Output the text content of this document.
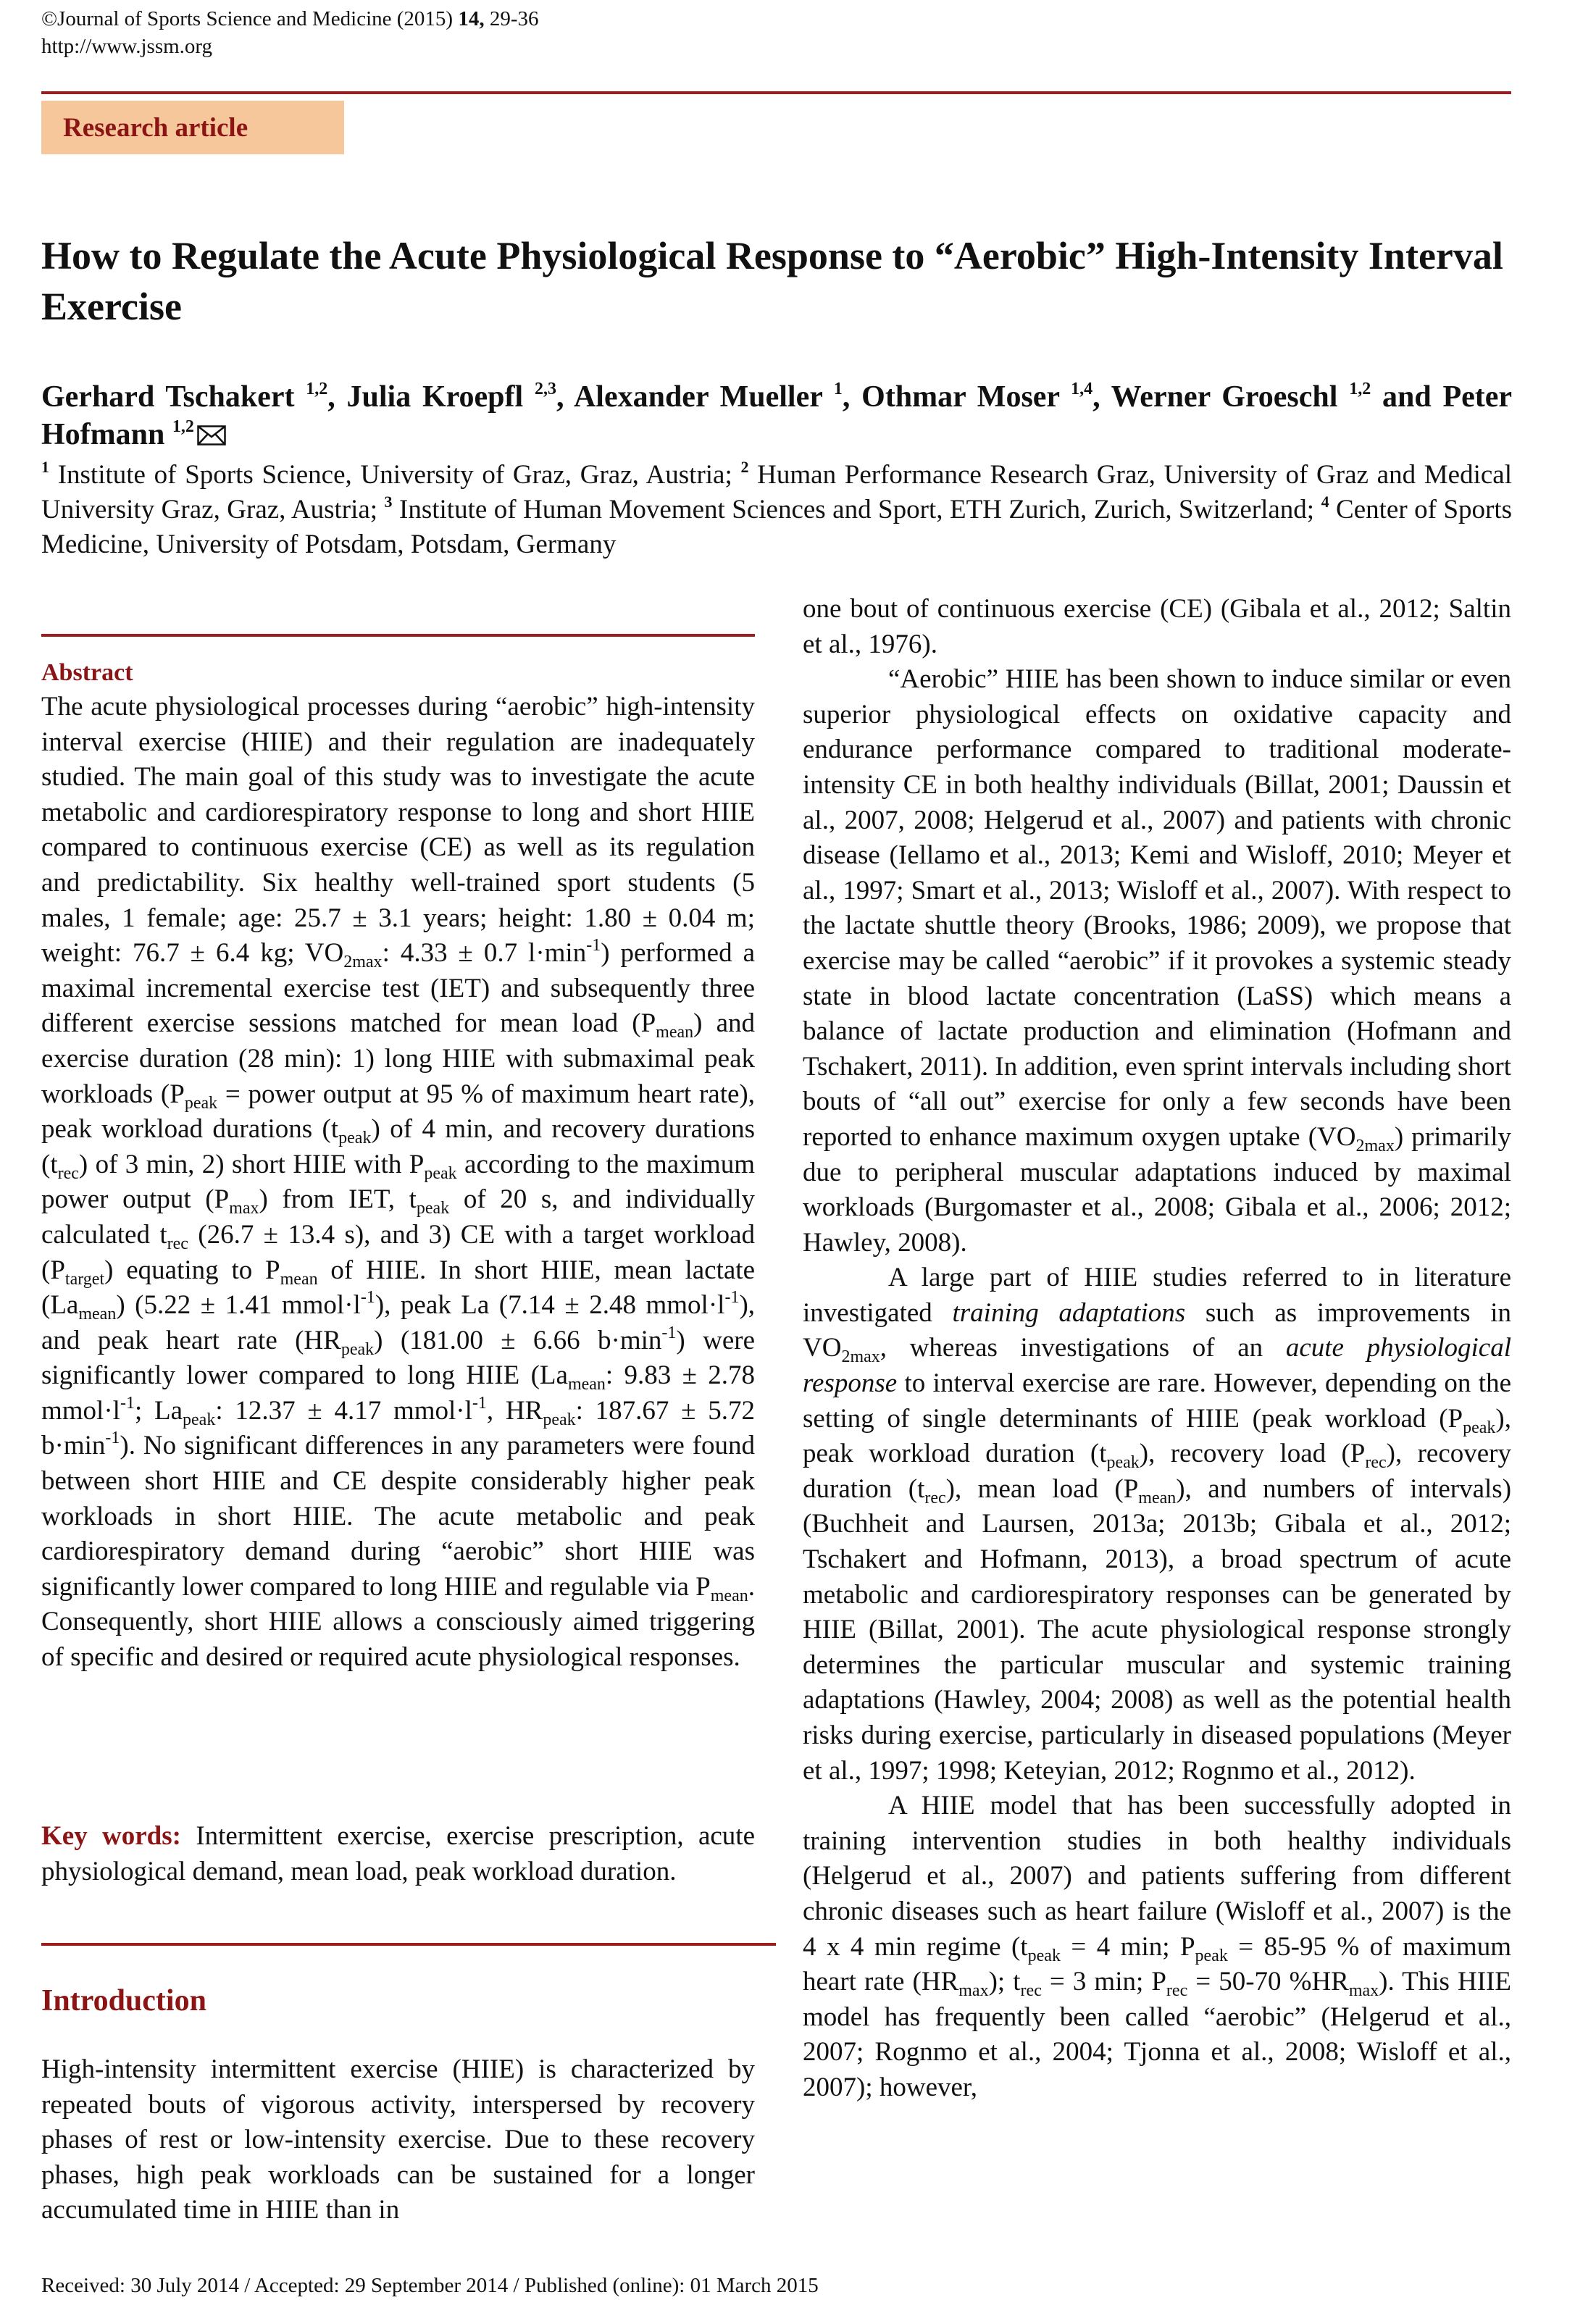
©Journal of Sports Science and Medicine (2015) 14, 29-36
http://www.jssm.org
Research article
How to Regulate the Acute Physiological Response to “Aerobic” High-Intensity Interval Exercise
Gerhard Tschakert $^{1,2}$, Julia Kroepfl $^{2,3}$, Alexander Mueller $^1$, Othmar Moser $^{1,4}$, Werner Groeschl $^{1,2}$ and Peter Hofmann $^{1,2}$
$^1$ Institute of Sports Science, University of Graz, Graz, Austria; $^2$ Human Performance Research Graz, University of Graz and Medical University Graz, Graz, Austria; $^3$ Institute of Human Movement Sciences and Sport, ETH Zurich, Zurich, Switzerland; $^4$ Center of Sports Medicine, University of Potsdam, Potsdam, Germany
Abstract
The acute physiological processes during “aerobic” high-intensity interval exercise (HIIE) and their regulation are inadequately studied. The main goal of this study was to investigate the acute metabolic and cardiorespiratory response to long and short HIIE compared to continuous exercise (CE) as well as its regulation and predictability. Six healthy well-trained sport students (5 males, 1 female; age: 25.7 ± 3.1 years; height: 1.80 ± 0.04 m; weight: 76.7 ± 6.4 kg; $VO_{2max}$: 4.33 ± 0.7 $l\cdot\min^{-1}$) performed a maximal incremental exercise test (IET) and subsequently three different exercise sessions matched for mean load $(P_{mean})$ and exercise duration (28 min): 1) long HIIE with submaximal peak workloads ($P_{peak}$ = power output at 95 % of maximum heart rate), peak workload durations $(t_{peak})$ of 4 min, and recovery durations $(t_{rec})$ of 3 min, 2) short HIIE with $P_{peak}$ according to the maximum power output $(P_{max})$ from IET, $t_{peak}$ of 20 s, and individually calculated $t_{rec}$ (26.7 ± 13.4 s), and 3) CE with a target workload $(P_{target})$ equating to $P_{mean}$ of HIIE. In short HIIE, mean lactate $(La_{mean}) (5.22 \pm 1.41$ $mmol\cdot l^{-1}$), peak La (7.14 ± 2.48 $mmol\cdot l^{-1}$), and peak heart rate $(HR_{peak}) (181.00 \pm 6.66$ $b\cdot\min^{-1}$) were significantly lower compared to long HIIE ($La_{mean}$: 9.83 ± 2.78 $mmol\cdot l^{-1}$; $La_{peak}$: 12.37 ± 4.17 $mmol\cdot l^{-1}$, $HR_{peak}$: 187.67 ± 5.72 $b\cdot\min^{-1}$). No significant differences in any parameters were found between short HIIE and CE despite considerably higher peak workloads in short HIIE. The acute metabolic and peak cardiorespiratory demand during “aerobic” short HIIE was significantly lower compared to long HIIE and regulable via $P_{mean}$. Consequently, short HIIE allows a consciously aimed triggering of specific and desired or required acute physiological responses.
Key words: Intermittent exercise, exercise prescription, acute physiological demand, mean load, peak workload duration.
Introduction
High-intensity intermittent exercise (HIIE) is characterized by repeated bouts of vigorous activity, interspersed by recovery phases of rest or low-intensity exercise. Due to these recovery phases, high peak workloads can be sustained for a longer accumulated time in HIIE than in

one bout of continuous exercise (CE) (Gibala et al., 2012; Saltin et al., 1976).

“Aerobic” HIIE has been shown to induce similar or even superior physiological effects on oxidative capacity and endurance performance compared to traditional moderate-intensity CE in both healthy individuals (Billat, 2001; Daussin et al., 2007, 2008; Helgerud et al., 2007) and patients with chronic disease (Iellamo et al., 2013; Kemi and Wisloff, 2010; Meyer et al., 1997; Smart et al., 2013; Wisloff et al., 2007). With respect to the lactate shuttle theory (Brooks, 1986; 2009), we propose that exercise may be called “aerobic” if it provokes a systemic steady state in blood lactate concentration (LaSS) which means a balance of lactate production and elimination (Hofmann and Tschakert, 2011). In addition, even sprint intervals including short bouts of “all out” exercise for only a few seconds have been reported to enhance maximum oxygen uptake $(VO_{2max})$ primarily due to peripheral muscular adaptations induced by maximal workloads (Burgomaster et al., 2008; Gibala et al., 2006; 2012; Hawley, 2008).

A large part of HIIE studies referred to in literature investigated training adaptations such as improvements in $VO_{2max}$, whereas investigations of an acute physiological response to interval exercise are rare. However, depending on the setting of single determinants of HIIE (peak workload $(P_{peak})$, peak workload duration $(t_{peak})$, recovery load $(P_{rec})$, recovery duration $(t_{rec})$, mean load $(P_{mean})$, and numbers of intervals) (Buchheit and Laursen, 2013a; 2013b; Gibala et al., 2012; Tschakert and Hofmann, 2013), a broad spectrum of acute metabolic and cardiorespiratory responses can be generated by HIIE (Billat, 2001). The acute physiological response strongly determines the particular muscular and systemic training adaptations (Hawley, 2004; 2008) as well as the potential health risks during exercise, particularly in diseased populations (Meyer et al., 1997; 1998; Keteyian, 2012; Rognmo et al., 2012).

A HIIE model that has been successfully adopted in training intervention studies in both healthy individuals (Helgerud et al., 2007) and patients suffering from different chronic diseases such as heart failure (Wisloff et al., 2007) is the 4 x 4 min regime ($t_{peak} = 4$ min; $P_{peak} = 85-95$ % of maximum heart rate $(HR_{max})$; $t_{rec} = 3$ min; $P_{rec} = 50-70$ $\%HR_{max}$). This HIIE model has frequently been called “aerobic” (Helgerud et al., 2007; Rognmo et al., 2004; Tjonna et al., 2008; Wisloff et al., 2007); however,

Received: 30 July 2014 / Accepted: 29 September 2014 / Published (online): 01 March 2015
